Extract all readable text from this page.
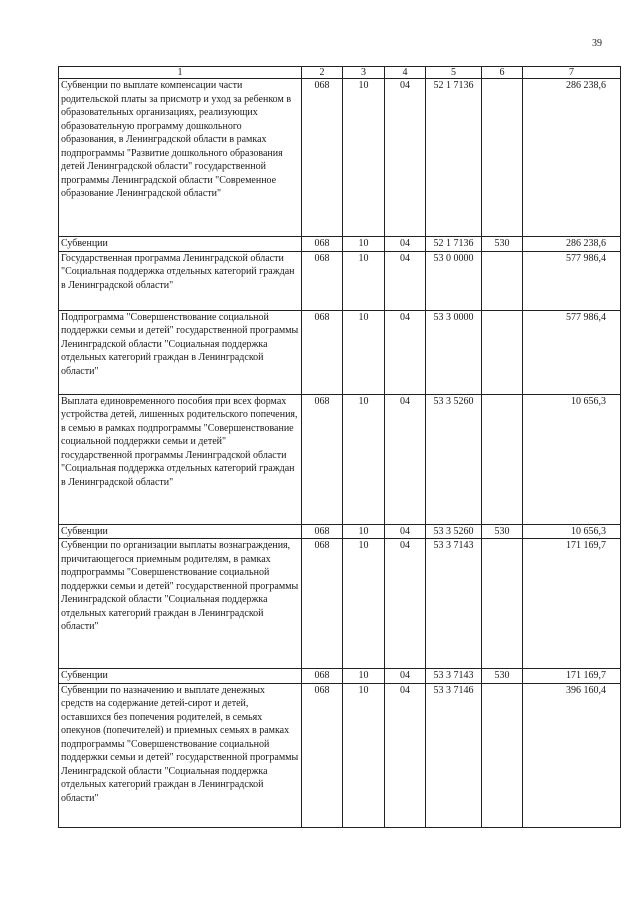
39
1	2	3	4	5	6	7
Субвенции по выплате компенсации части родительской платы за присмотр и уход за ребенком в образовательных организациях, реализующих образовательную программу дошкольного образования, в Ленинградской области в рамках подпрограммы "Развитие дошкольного образования детей Ленинградской области" государственной программы Ленинградской области "Современное образование Ленинградской области"	068	10	04	52 1 7136		286 238,6
Субвенции	068	10	04	52 1 7136	530	286 238,6
Государственная программа Ленинградской области "Социальная поддержка отдельных категорий граждан в Ленинградской области"	068	10	04	53 0 0000		577 986,4
Подпрограмма "Совершенствование социальной поддержки семьи и детей" государственной программы Ленинградской области "Социальная поддержка отдельных категорий граждан в Ленинградской области"	068	10	04	53 3 0000		577 986,4
Выплата единовременного пособия при всех формах устройства детей, лишенных родительского попечения, в семью в рамках подпрограммы "Совершенствование социальной поддержки семьи и детей" государственной программы Ленинградской области "Социальная поддержка отдельных категорий граждан в Ленинградской области"	068	10	04	53 3 5260		10 656,3
Субвенции	068	10	04	53 3 5260	530	10 656,3
Субвенции по организации выплаты вознаграждения, причитающегося приемным родителям, в рамках подпрограммы "Совершенствование социальной поддержки семьи и детей" государственной программы Ленинградской области "Социальная поддержка отдельных категорий граждан в Ленинградской области"	068	10	04	53 3 7143		171 169,7
Субвенции	068	10	04	53 3 7143	530	171 169,7
Субвенции по назначению и выплате денежных средств на содержание детей-сирот и детей, оставшихся без попечения родителей, в семьях опекунов (попечителей) и приемных семьях в рамках подпрограммы "Совершенствование социальной поддержки семьи и детей" государственной программы Ленинградской области "Социальная поддержка отдельных категорий граждан в Ленинградской области"	068	10	04	53 3 7146		396 160,4
